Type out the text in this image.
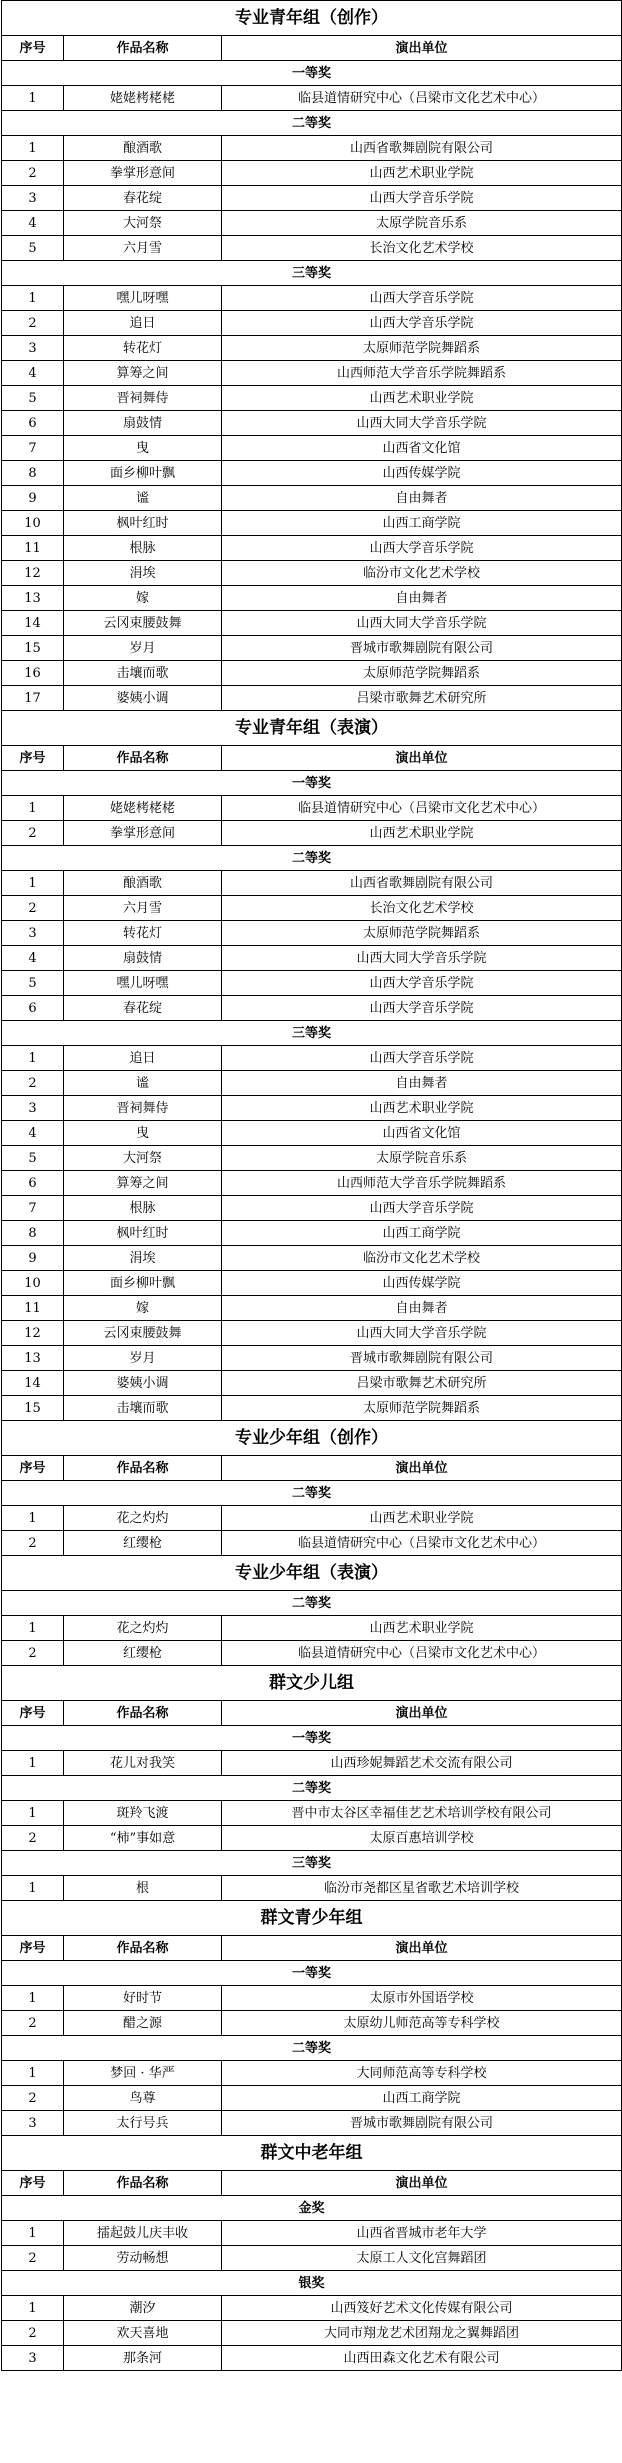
专业青年组（创作）		
序号	作品名称	演出单位
一等奖		
1	姥姥栲栳栳	临县道情研究中心（吕梁市文化艺术中心）
二等奖		
1	酿酒歌	山西省歌舞剧院有限公司
2	拳掌形意间	山西艺术职业学院
3	春花绽	山西大学音乐学院
4	大河祭	太原学院音乐系
5	六月雪	长治文化艺术学校
三等奖		
1	嘿儿呀嘿	山西大学音乐学院
2	追日	山西大学音乐学院
3	转花灯	太原师范学院舞蹈系
4	算筹之间	山西师范大学音乐学院舞蹈系
5	晋祠舞侍	山西艺术职业学院
6	扇鼓情	山西大同大学音乐学院
7	曳	山西省文化馆
8	面乡柳叶飘	山西传媒学院
9	谧	自由舞者
10	枫叶红时	山西工商学院
11	根脉	山西大学音乐学院
12	涓埃	临汾市文化艺术学校
13	嫁	自由舞者
14	云冈束腰鼓舞	山西大同大学音乐学院
15	岁月	晋城市歌舞剧院有限公司
16	击壤而歌	太原师范学院舞蹈系
17	婆姨小调	吕梁市歌舞艺术研究所
专业青年组（表演）		
序号	作品名称	演出单位
一等奖		
1	姥姥栲栳栳	临县道情研究中心（吕梁市文化艺术中心）
2	拳掌形意间	山西艺术职业学院
二等奖		
1	酿酒歌	山西省歌舞剧院有限公司
2	六月雪	长治文化艺术学校
3	转花灯	太原师范学院舞蹈系
4	扇鼓情	山西大同大学音乐学院
5	嘿儿呀嘿	山西大学音乐学院
6	春花绽	山西大学音乐学院
三等奖		
1	追日	山西大学音乐学院
2	谧	自由舞者
3	晋祠舞侍	山西艺术职业学院
4	曳	山西省文化馆
5	大河祭	太原学院音乐系
6	算筹之间	山西师范大学音乐学院舞蹈系
7	根脉	山西大学音乐学院
8	枫叶红时	山西工商学院
9	涓埃	临汾市文化艺术学校
10	面乡柳叶飘	山西传媒学院
11	嫁	自由舞者
12	云冈束腰鼓舞	山西大同大学音乐学院
13	岁月	晋城市歌舞剧院有限公司
14	婆姨小调	吕梁市歌舞艺术研究所
15	击壤而歌	太原师范学院舞蹈系
专业少年组（创作）		
序号	作品名称	演出单位
二等奖		
1	花之灼灼	山西艺术职业学院
2	红缨枪	临县道情研究中心（吕梁市文化艺术中心）
专业少年组（表演）		
二等奖		
1	花之灼灼	山西艺术职业学院
2	红缨枪	临县道情研究中心（吕梁市文化艺术中心）
群文少儿组		
序号	作品名称	演出单位
一等奖		
1	花儿对我笑	山西珍妮舞蹈艺术交流有限公司
二等奖		
1	斑羚飞渡	晋中市太谷区幸福佳艺艺术培训学校有限公司
2	“柿”事如意	太原百惠培训学校
三等奖		
1	根	临汾市尧都区星省歌艺术培训学校
群文青少年组		
序号	作品名称	演出单位
一等奖		
1	好时节	太原市外国语学校
2	醋之源	太原幼儿师范高等专科学校
二等奖		
1	梦回 · 华严	大同师范高等专科学校
2	鸟尊	山西工商学院
3	太行号兵	晋城市歌舞剧院有限公司
群文中老年组		
序号	作品名称	演出单位
金奖		
1	擂起鼓儿庆丰收	山西省晋城市老年大学
2	劳动畅想	太原工人文化宫舞蹈团
银奖		
1	潮汐	山西笈好艺术文化传媒有限公司
2	欢天喜地	大同市翔龙艺术团翔龙之翼舞蹈团
3	那条河	山西田森文化艺术有限公司
